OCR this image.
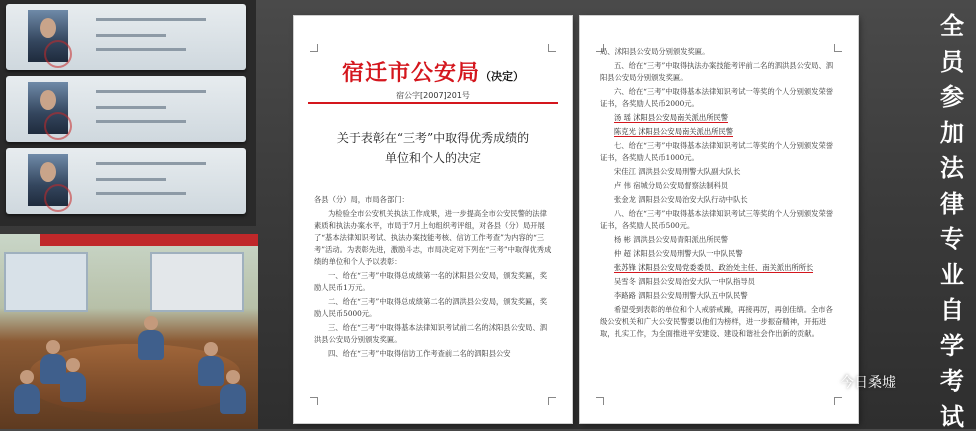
宿迁市公安局（决定）
宿公字[2007]201号
关于表彰在“三考”中取得优秀成绩的
单位和个人的决定

各县（分）局，市局各部门：

为检验全市公安机关执法工作成果，进一步提高全市公安民警的法律素质和执法办案水平，市局于7月上旬组织考评组，对各县（分）局开展了“基本法律知识考试、执法办案技能考核、信访工作考查”为内容的“三考”活动。为表彰先进，激励斗志，市局决定对下列在“三考”中取得优秀成绩的单位和个人予以表彰：

一、给在“三考”中取得总成绩第一名的沭阳县公安局，颁发奖匾，奖励人民币1万元。

二、给在“三考”中取得总成绩第二名的泗洪县公安局，颁发奖匾，奖励人民币5000元。

三、给在“三考”中取得基本法律知识考试前二名的沭阳县公安局、泗洪县公安局分别颁发奖匾。

四、给在“三考”中取得信访工作考查前二名的泗阳县公安

局、沭阳县公安局分别颁发奖匾。

五、给在“三考”中取得执法办案技能考评前二名的泗洪县公安局、泗阳县公安局分别颁发奖匾。

六、给在“三考”中取得基本法律知识考试一等奖的个人分别颁发荣誉证书，各奖励人民币2000元。

汤 瑶 沭阳县公安局南关派出所民警

陈克光 沭阳县公安局南关派出所民警

七、给在“三考”中取得基本法律知识考试二等奖的个人分别颁发荣誉证书，各奖励人民币1000元。

宋佳江 泗洪县公安局刑警大队副大队长

卢 伟 宿城分局公安局督察法制科员

张金龙 泗阳县公安局治安大队行动中队长

八、给在“三考”中取得基本法律知识考试三等奖的个人分别颁发荣誉证书，各奖励人民币500元。

杨 彬 泗洪县公安局青阳派出所民警

仲 超 沭阳县公安局刑警大队一中队民警

张苏锋 沭阳县公安局党委委员、政治处主任、南关派出所所长

吴雪冬 泗阳县公安局治安大队一中队指导员

李路路 泗阳县公安局刑警大队五中队民警

希望受到表彰的单位和个人戒骄戒躁，再接再厉，再创佳绩。全市各级公安机关和广大公安民警要以他们为榜样，进一步振奋精神，开拓进取，扎实工作，为全面推进平安建设、建设和谐社会作出新的贡献。

全
员
参
加
法
律
专
业
自
学
考
试
今日桑墟
